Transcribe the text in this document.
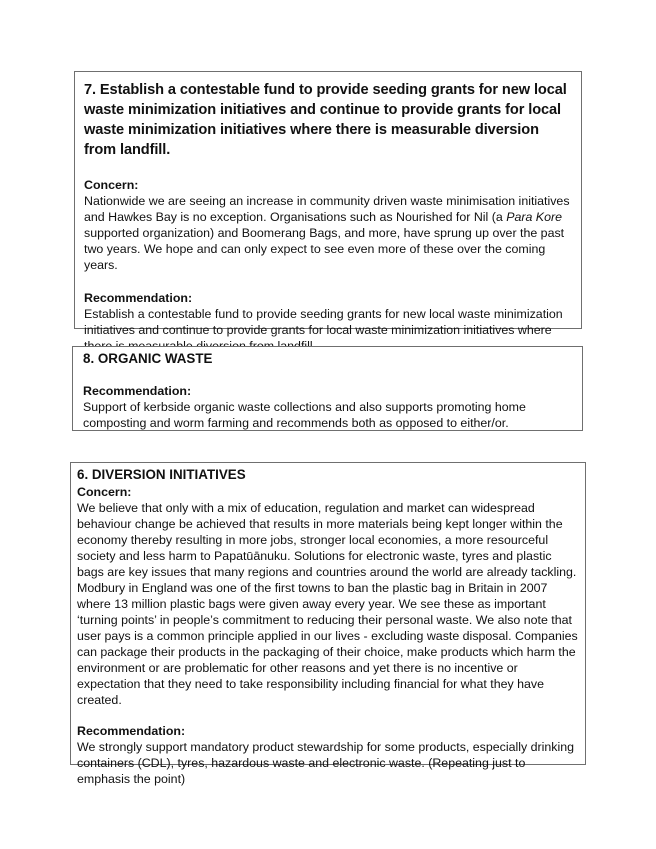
7. Establish a contestable fund to provide seeding grants for new local waste minimization initiatives and continue to provide grants for local waste minimization initiatives where there is measurable diversion from landfill.

Concern:

Nationwide we are seeing an increase in community driven waste minimisation initiatives and Hawkes Bay is no exception. Organisations such as Nourished for Nil (a Para Kore supported organization) and Boomerang Bags, and more, have sprung up over the past two years. We hope and can only expect to see even more of these over the coming years.

Recommendation:

Establish a contestable fund to provide seeding grants for new local waste minimization initiatives and continue to provide grants for local waste minimization initiatives where

8. ORGANIC WASTE

Recommendation:

Support of kerbside organic waste collections and also supports promoting home composting and worm farming and recommends both as opposed to either/or.

6. DIVERSION INITIATIVES

Concern:

We believe that only with a mix of education, regulation and market can widespread behaviour change be achieved that results in more materials being kept longer within the economy thereby resulting in more jobs, stronger local economies, a more resourceful society and less harm to Papatūānuku. Solutions for electronic waste, tyres and plastic bags are key issues that many regions and countries around the world are already tackling. Modbury in England was one of the first towns to ban the plastic bag in Britain in 2007 where 13 million plastic bags were given away every year. We see these as important ‘turning points’ in people’s commitment to reducing their personal waste. We also note that user pays is a common principle applied in our lives - excluding waste disposal. Companies can package their products in the packaging of their choice, make products which harm the environment or are problematic for other reasons and yet there is no incentive or expectation that they need to take responsibility including financial for what they have created.

Recommendation:

We strongly support mandatory product stewardship for some products, especially drinking containers (CDL), tyres, hazardous waste and electronic waste. (Repeating just to emphasis the point)
